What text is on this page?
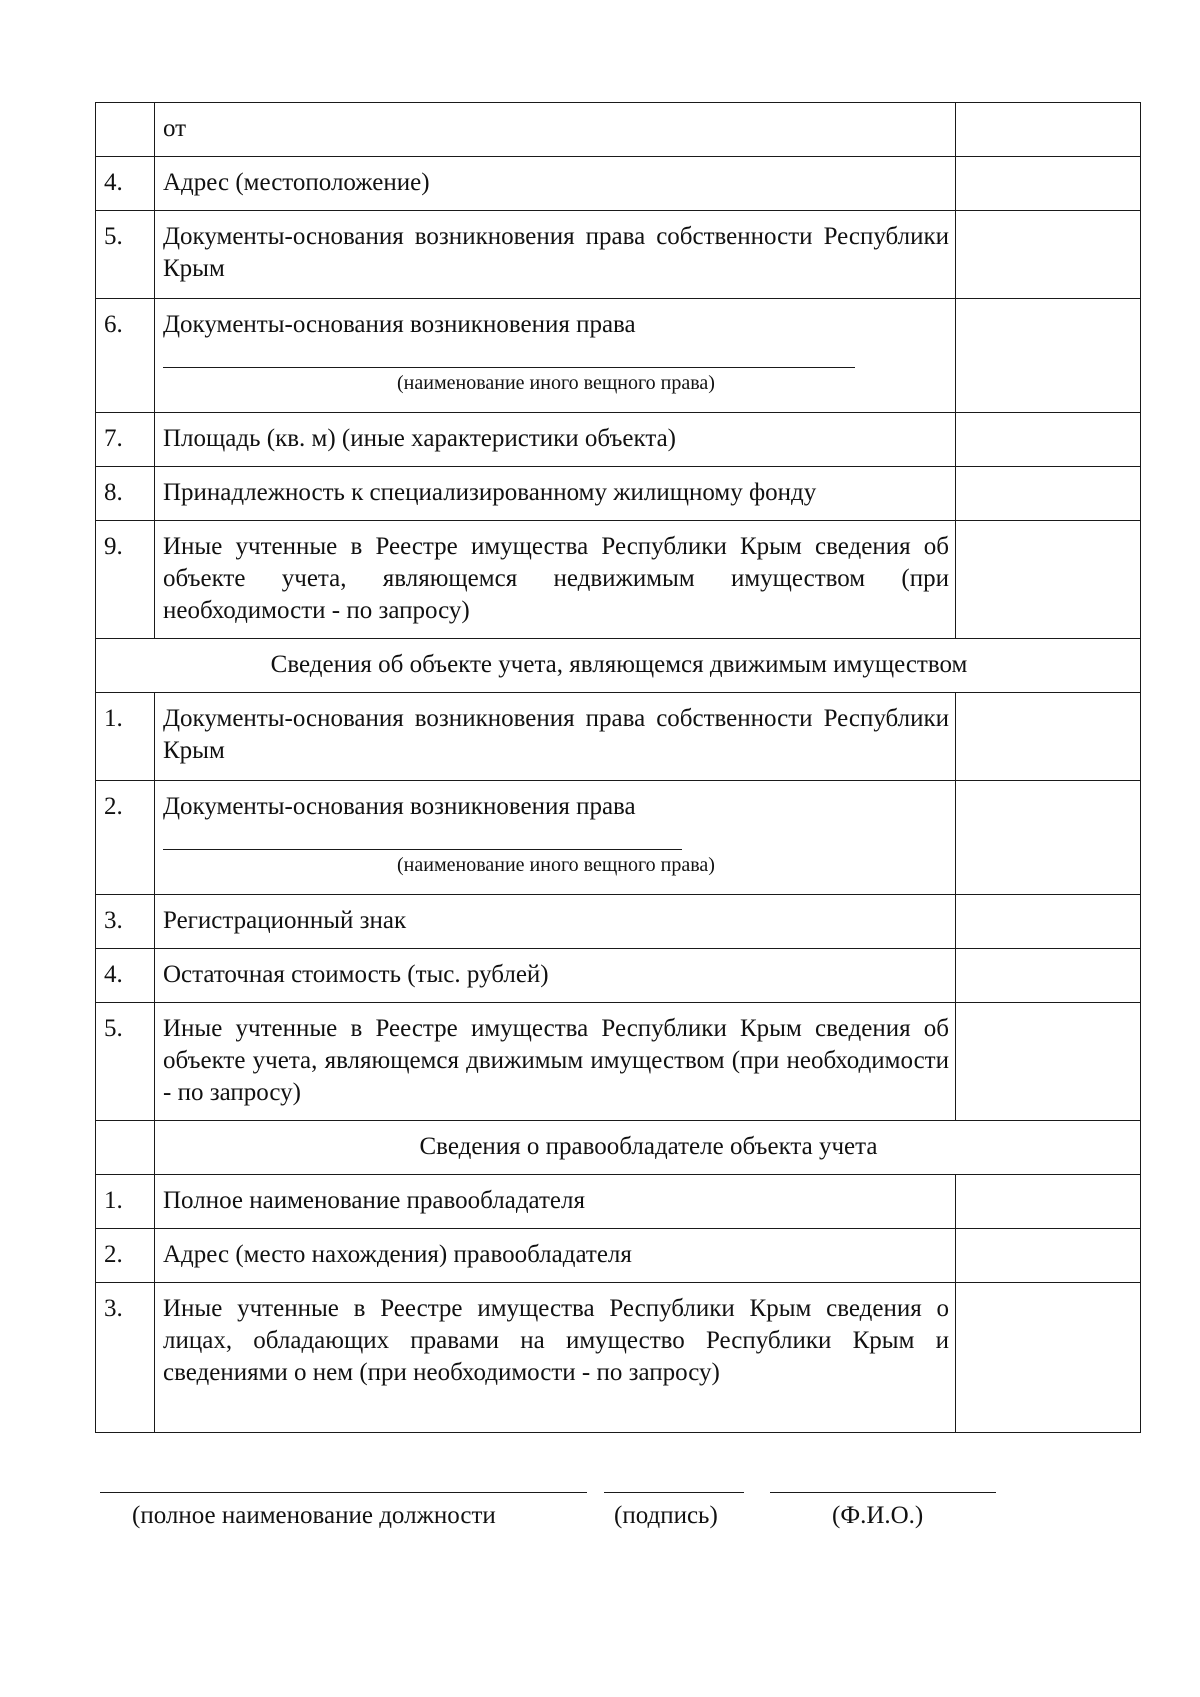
	от	
4.	Адрес (местоположение)	
5.	Документы-основания возникновения права собственности Республики Крым	
6.	Документы-основания возникновения права
(наименование иного вещного права)	

7.	Площадь (кв. м) (иные характеристики объекта)	
8.	Принадлежность к специализированному жилищному фонду	
9.	Иные учтенные в Реестре имущества Республики Крым сведения об объекте учета, являющемся недвижимым имуществом (при необходимости - по запросу)	
Сведения об объекте учета, являющемся движимым имуществом		
1.	Документы-основания возникновения права собственности Республики Крым	
2.	Документы-основания возникновения права
(наименование иного вещного права)	

3.	Регистрационный знак	
4.	Остаточная стоимость (тыс. рублей)	
5.	Иные учтенные в Реестре имущества Республики Крым сведения об объекте учета, являющемся движимым имуществом (при необходимости - по запросу)	
	Сведения о правообладателе объекта учета	
1.	Полное наименование правообладателя	
2.	Адрес (место нахождения) правообладателя	
3.	Иные учтенные в Реестре имущества Республики Крым сведения о лицах, обладающих правами на имущество Республики Крым и сведениями о нем (при необходимости - по запросу)	
(полное наименование должности	(подпись)	(Ф.И.О.)
